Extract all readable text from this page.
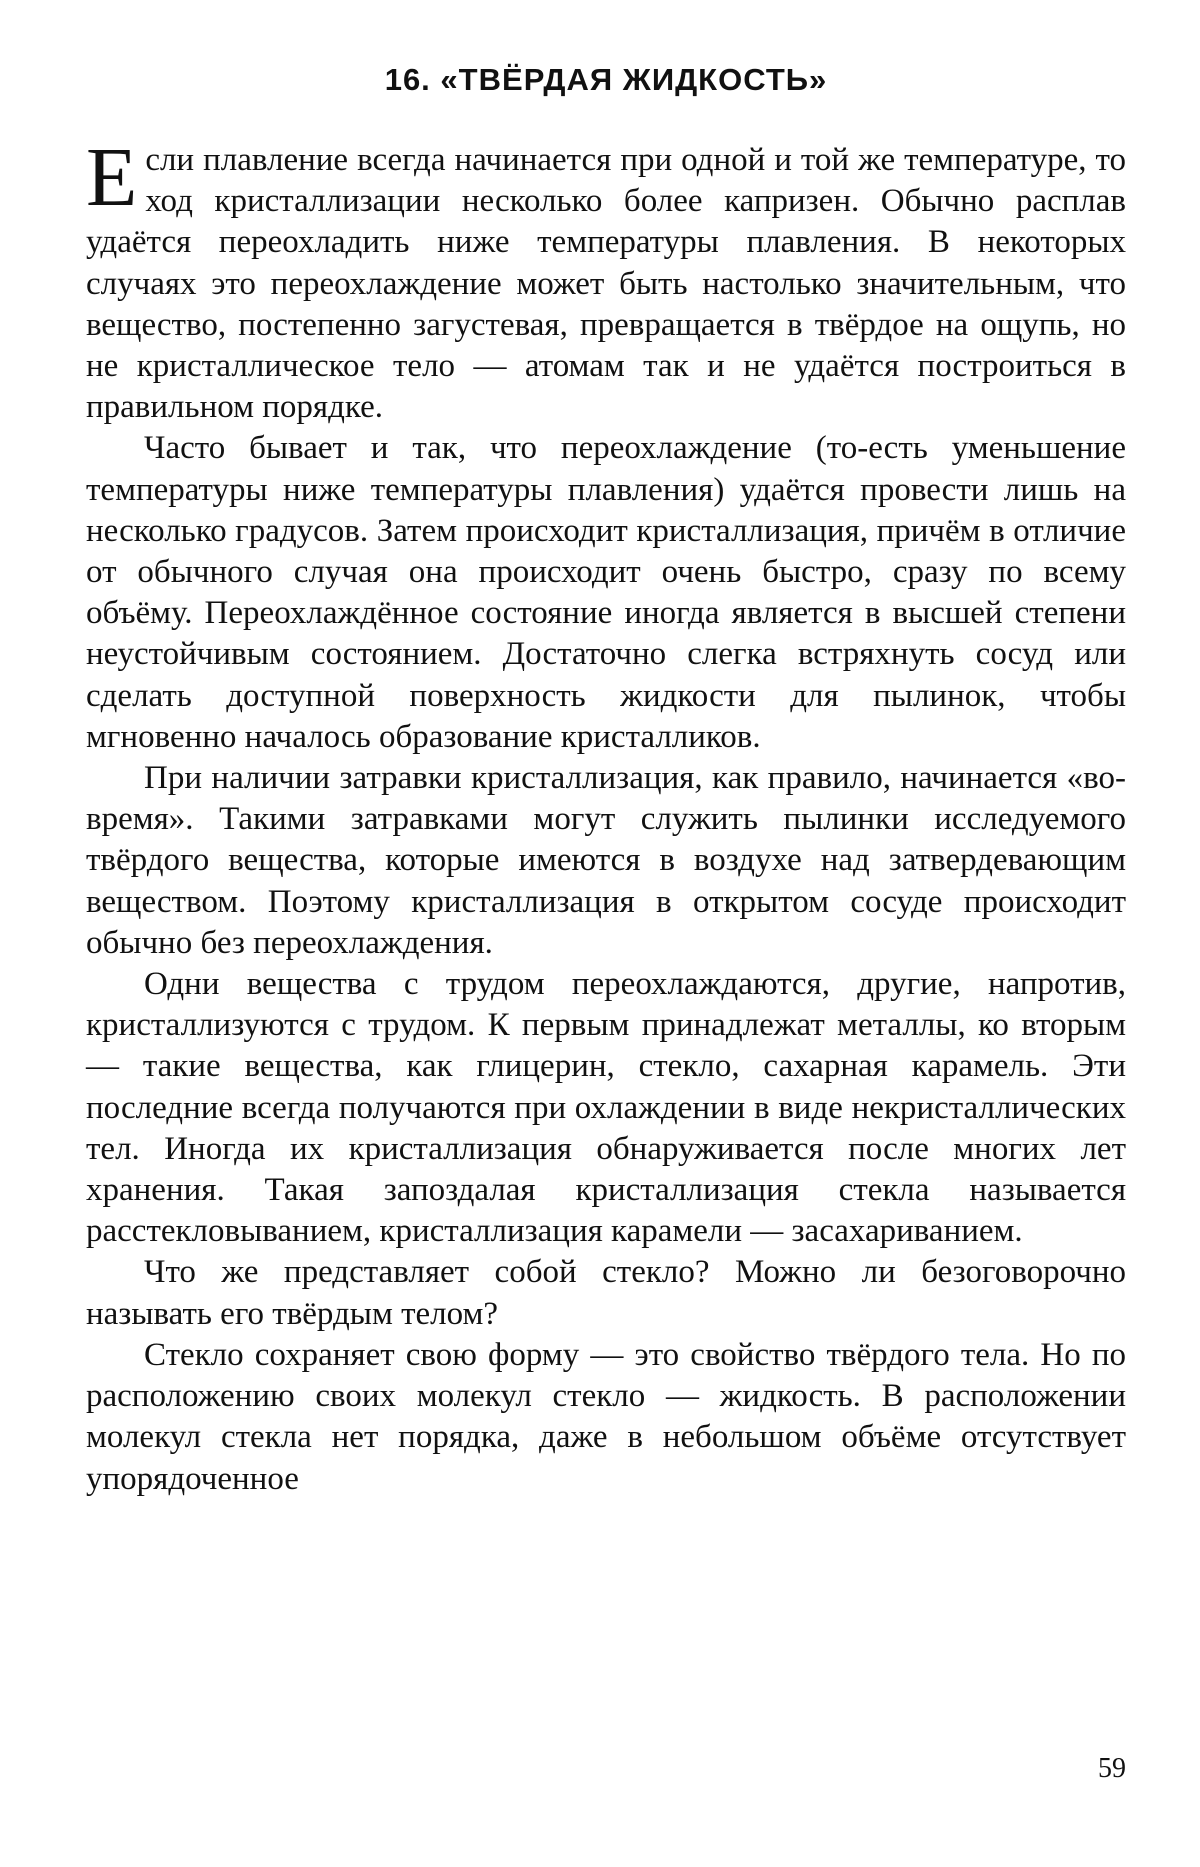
16. «ТВЁРДАЯ ЖИДКОСТЬ»

Если плавление всегда начинается при одной и той же температуре, то ход кристаллизации несколько более капризен. Обычно расплав удаётся переохладить ниже температуры плавления. В некоторых случаях это переохлаждение может быть настолько значительным, что вещество, постепенно загустевая, превращается в твёрдое на ощупь, но не кристаллическое тело — атомам так и не удаётся построиться в правильном порядке.

Часто бывает и так, что переохлаждение (то-есть уменьшение температуры ниже температуры плавления) удаётся провести лишь на несколько градусов. Затем происходит кристаллизация, причём в отличие от обычного случая она происходит очень быстро, сразу по всему объёму. Переохлаждённое состояние иногда является в высшей степени неустойчивым состоянием. Достаточно слегка встряхнуть сосуд или сделать доступной поверхность жидкости для пылинок, чтобы мгновенно началось образование кристалликов.

При наличии затравки кристаллизация, как правило, начинается «во-время». Такими затравками могут служить пылинки исследуемого твёрдого вещества, которые имеются в воздухе над затвердевающим веществом. Поэтому кристаллизация в открытом сосуде происходит обычно без переохлаждения.

Одни вещества с трудом переохлаждаются, другие, напротив, кристаллизуются с трудом. К первым принадлежат металлы, ко вторым — такие вещества, как глицерин, стекло, сахарная карамель. Эти последние всегда получаются при охлаждении в виде некристаллических тел. Иногда их кристаллизация обнаруживается после многих лет хранения. Такая запоздалая кристаллизация стекла называется расстекловыванием, кристаллизация карамели — засахариванием.

Что же представляет собой стекло? Можно ли безоговорочно называть его твёрдым телом?

Стекло сохраняет свою форму — это свойство твёрдого тела. Но по расположению своих молекул стекло — жидкость. В расположении молекул стекла нет порядка, даже в небольшом объёме отсутствует упорядоченное

59
